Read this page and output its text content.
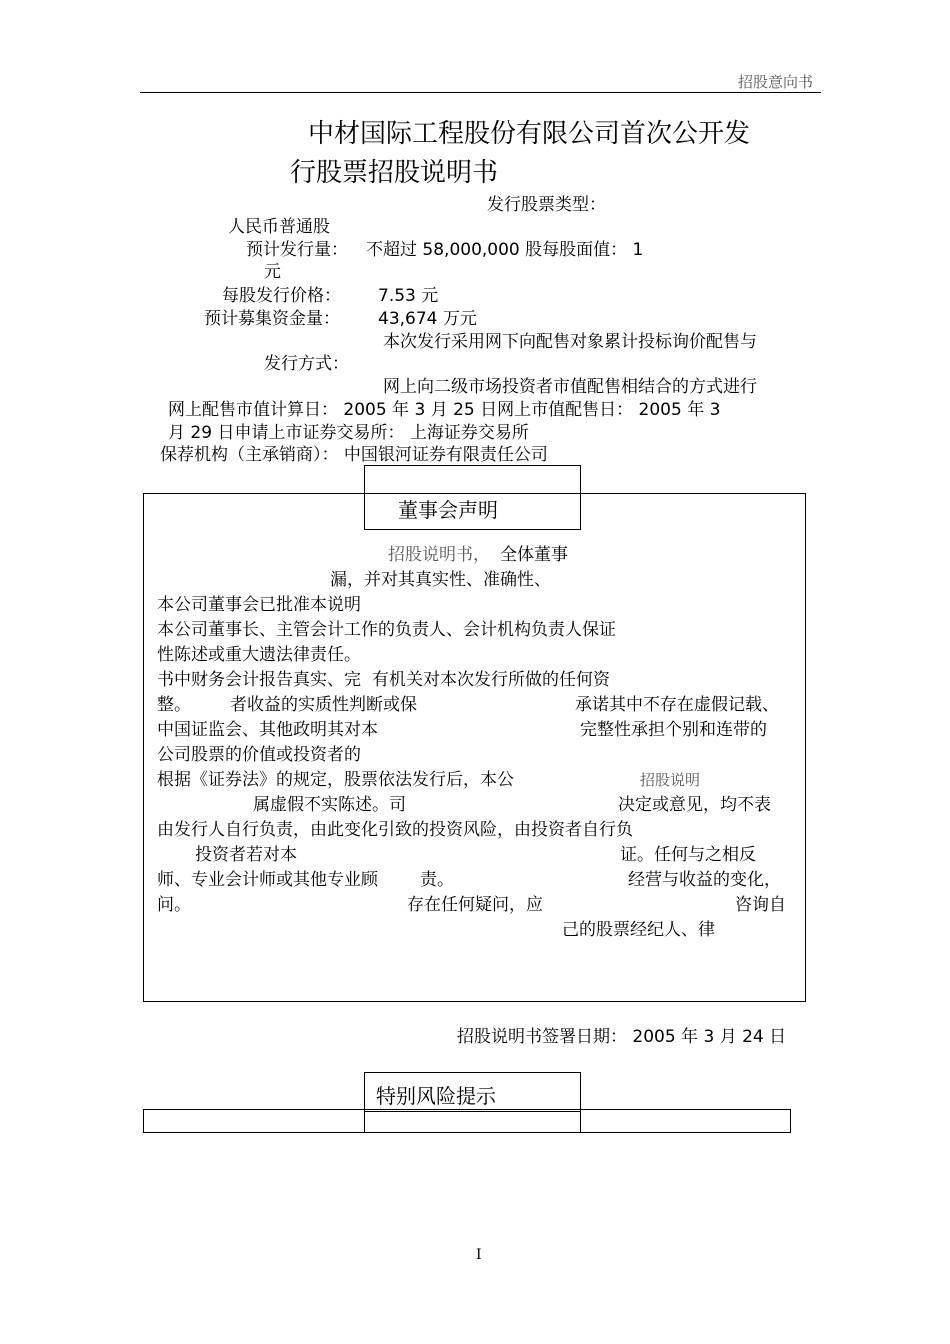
招股意向书
中材国际工程股份有限公司首次公开发
行股票招股说明书
发行股票类型：
人民币普通股
预计发行量： 不超过 58,000,000 股每股面值： 1
元
每股发行价格： 7.53 元
预计募集资金量： 43,674 万元
本次发行采用网下向配售对象累计投标询价配售与
发行方式：
网上向二级市场投资者市值配售相结合的方式进行
网上配售市值计算日： 2005 年 3 月 25 日网上市值配售日： 2005 年 3
月 29 日申请上市证券交易所： 上海证券交易所
保荐机构（主承销商）： 中国银河证券有限责任公司
董事会声明
招股说明书， 全体董事
漏，并对其真实性、准确性、
本公司董事会已批准本说明
本公司董事长、主管会计工作的负责人、会计机构负责人保证
性陈述或重大遗法律责任。
书中财务会计报告真实、完 有机关对本次发行所做的任何资
整。 者收益的实质性判断或保	承诺其中不存在虚假记载、
中国证监会、其他政明其对本	完整性承担个别和连带的
公司股票的价值或投资者的
根据《证券法》的规定，股票依法发行后，本公	招股说明
属虚假不实陈述。司	决定或意见，均不表
由发行人自行负责，由此变化引致的投资风险，由投资者自行负
投资者若对本	证。任何与之相反
师、专业会计师或其他专业顾 责。	经营与收益的变化，
问。	存在任何疑问，应	咨询自
己的股票经纪人、律
招股说明书签署日期： 2005 年 3 月 24 日
特别风险提示
I
